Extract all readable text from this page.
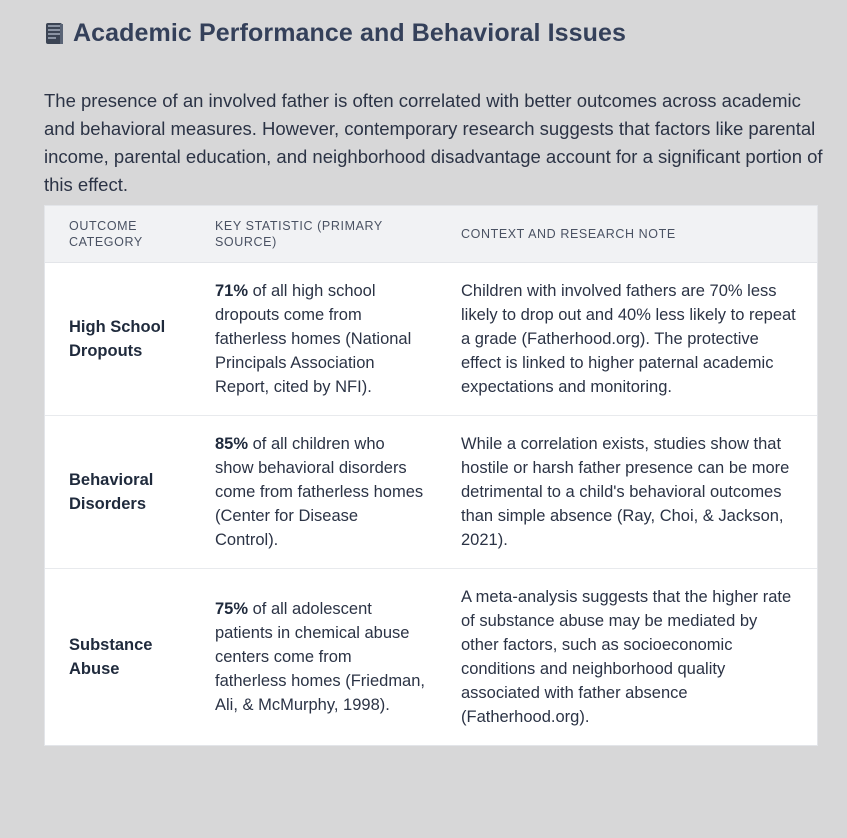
Academic Performance and Behavioral Issues

The presence of an involved father is often correlated with better outcomes across academic and behavioral measures. However, contemporary research suggests that factors like parental income, parental education, and neighborhood disadvantage account for a significant portion of this effect.

OUTCOME CATEGORY	KEY STATISTIC (PRIMARY SOURCE)	CONTEXT AND RESEARCH NOTE
High School Dropouts	71% of all high school dropouts come from fatherless homes (National Principals Association Report, cited by NFI).	Children with involved fathers are 70% less likely to drop out and 40% less likely to repeat a grade (Fatherhood.org). The protective effect is linked to higher paternal academic expectations and monitoring.
Behavioral Disorders	85% of all children who show behavioral disorders come from fatherless homes (Center for Disease Control).	While a correlation exists, studies show that hostile or harsh father presence can be more detrimental to a child's behavioral outcomes than simple absence (Ray, Choi, & Jackson, 2021).
Substance Abuse	75% of all adolescent patients in chemical abuse centers come from fatherless homes (Friedman, Ali, & McMurphy, 1998).	A meta-analysis suggests that the higher rate of substance abuse may be mediated by other factors, such as socioeconomic conditions and neighborhood quality associated with father absence (Fatherhood.org).
